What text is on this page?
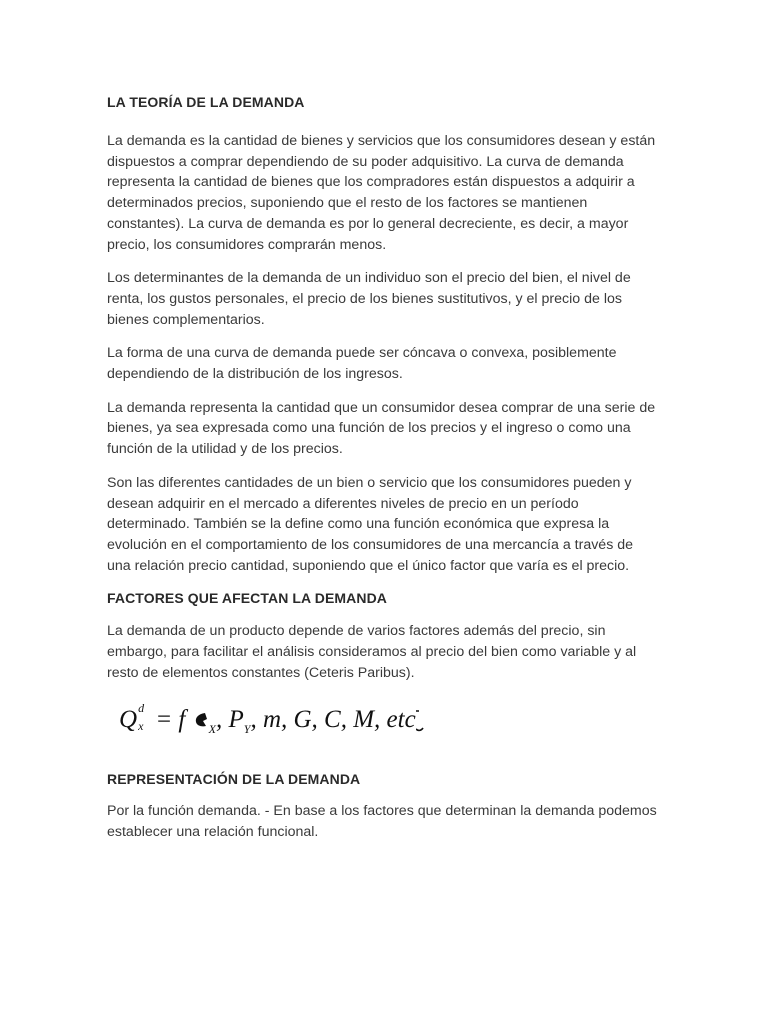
LA TEORÍA DE LA DEMANDA

La demanda es la cantidad de bienes y servicios que los consumidores desean y están dispuestos a comprar dependiendo de su poder adquisitivo. La curva de demanda representa la cantidad de bienes que los compradores están dispuestos a adquirir a determinados precios, suponiendo que el resto de los factores se mantienen constantes). La curva de demanda es por lo general decreciente, es decir, a mayor precio, los consumidores comprarán menos.

Los determinantes de la demanda de un individuo son el precio del bien, el nivel de renta, los gustos personales, el precio de los bienes sustitutivos, y el precio de los bienes complementarios.

La forma de una curva de demanda puede ser cóncava o convexa, posiblemente dependiendo de la distribución de los ingresos.

La demanda representa la cantidad que un consumidor desea comprar de una serie de bienes, ya sea expresada como una función de los precios y el ingreso o como una función de la utilidad y de los precios.

Son las diferentes cantidades de un bien o servicio que los consumidores pueden y desean adquirir en el mercado a diferentes niveles de precio en un período determinado. También se la define como una función económica que expresa la evolución en el comportamiento de los consumidores de una mercancía a través de una relación precio cantidad, suponiendo que el único factor que varía es el precio.

FACTORES QUE AFECTAN LA DEMANDA

La demanda de un producto depende de varios factores además del precio, sin embargo, para facilitar el análisis consideramos al precio del bien como variable y al resto de elementos constantes (Ceteris Paribus).

Q d
x = f $_X$, $P_Y$, m, G, C, M, etc
REPRESENTACIÓN DE LA DEMANDA

Por la función demanda. - En base a los factores que determinan la demanda podemos establecer una relación funcional.
